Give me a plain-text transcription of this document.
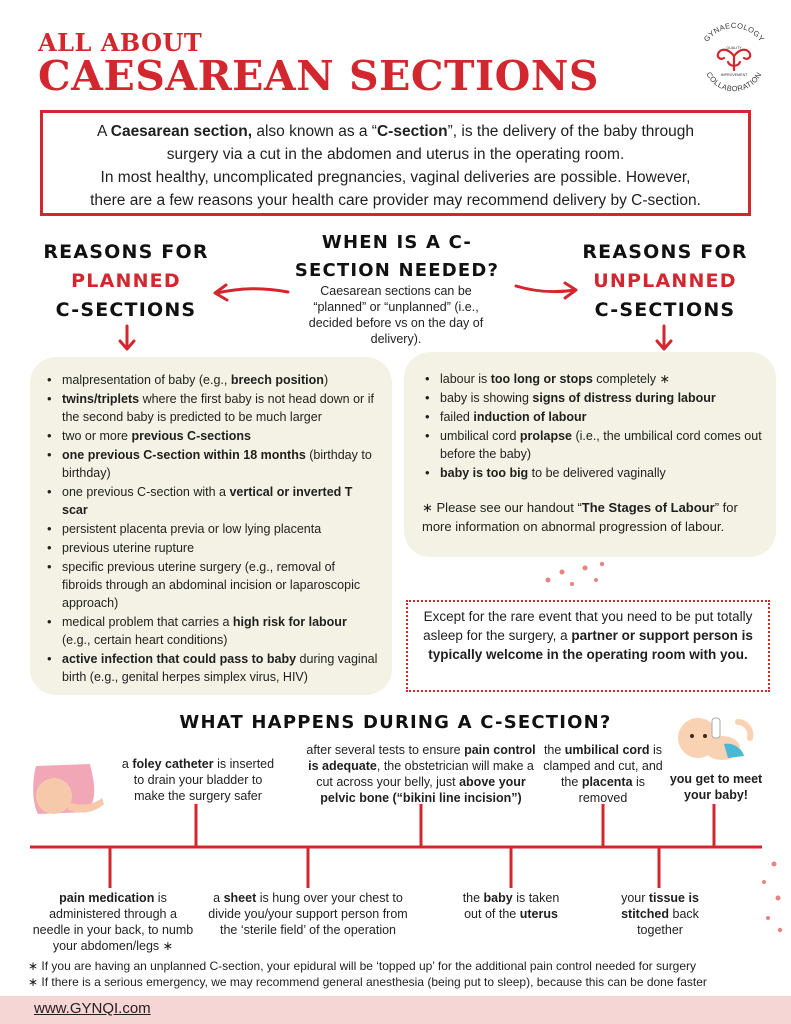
ALL ABOUT
CAESAREAN SECTIONS
GYNAECOLOGY
COLLABORATION
QUALITY
IMPROVEMENT
A Caesarean section, also known as a “C-section”, is the delivery of the baby through
surgery via a cut in the abdomen and uterus in the operating room.
In most healthy, uncomplicated pregnancies, vaginal deliveries are possible. However,
there are a few reasons your health care provider may recommend delivery by C-section.
REASONS FOR
PLANNED
C-SECTIONS
WHEN IS A C-
SECTION NEEDED?
Caesarean sections can be “planned” or “unplanned” (i.e., decided before vs on the day of delivery).
REASONS FOR
UNPLANNED
C-SECTIONS
• malpresentation of baby (e.g., breech position)
• twins/triplets where the first baby is not head down or if the second baby is predicted to be much larger
• two or more previous C-sections
• one previous C-section within 18 months (birthday to birthday)
• one previous C-section with a vertical or inverted T scar
• persistent placenta previa or low lying placenta
• previous uterine rupture
• specific previous uterine surgery (e.g., removal of fibroids through an abdominal incision or laparoscopic approach)
• medical problem that carries a high risk for labour (e.g., certain heart conditions)
• active infection that could pass to baby during vaginal birth (e.g., genital herpes simplex virus, HIV)
• labour is too long or stops completely ∗
• baby is showing signs of distress during labour
• failed induction of labour
• umbilical cord prolapse (i.e., the umbilical cord comes out before the baby)
• baby is too big to be delivered vaginally
∗ Please see our handout “The Stages of Labour” for more information on abnormal progression of labour.
Except for the rare event that you need to be put totally asleep for the surgery, a partner or support person is typically welcome in the operating room with you.
WHAT HAPPENS DURING A C-SECTION?
a foley catheter is inserted to drain your bladder to make the surgery safer
after several tests to ensure pain control is adequate, the obstetrician will make a cut across your belly, just above your pelvic bone (“bikini line incision”)
the umbilical cord is clamped and cut, and the placenta is removed
you get to meet your baby!
pain medication is administered through a needle in your back, to numb your abdomen/legs ∗
a sheet is hung over your chest to divide you/your support person from the ‘sterile field’ of the operation
the baby is taken out of the uterus
your tissue is stitched back together
∗ If you are having an unplanned C-section, your epidural will be ‘topped up’ for the additional pain control needed for surgery
∗ If there is a serious emergency, we may recommend general anesthesia (being put to sleep), because this can be done faster
www.GYNQI.com
